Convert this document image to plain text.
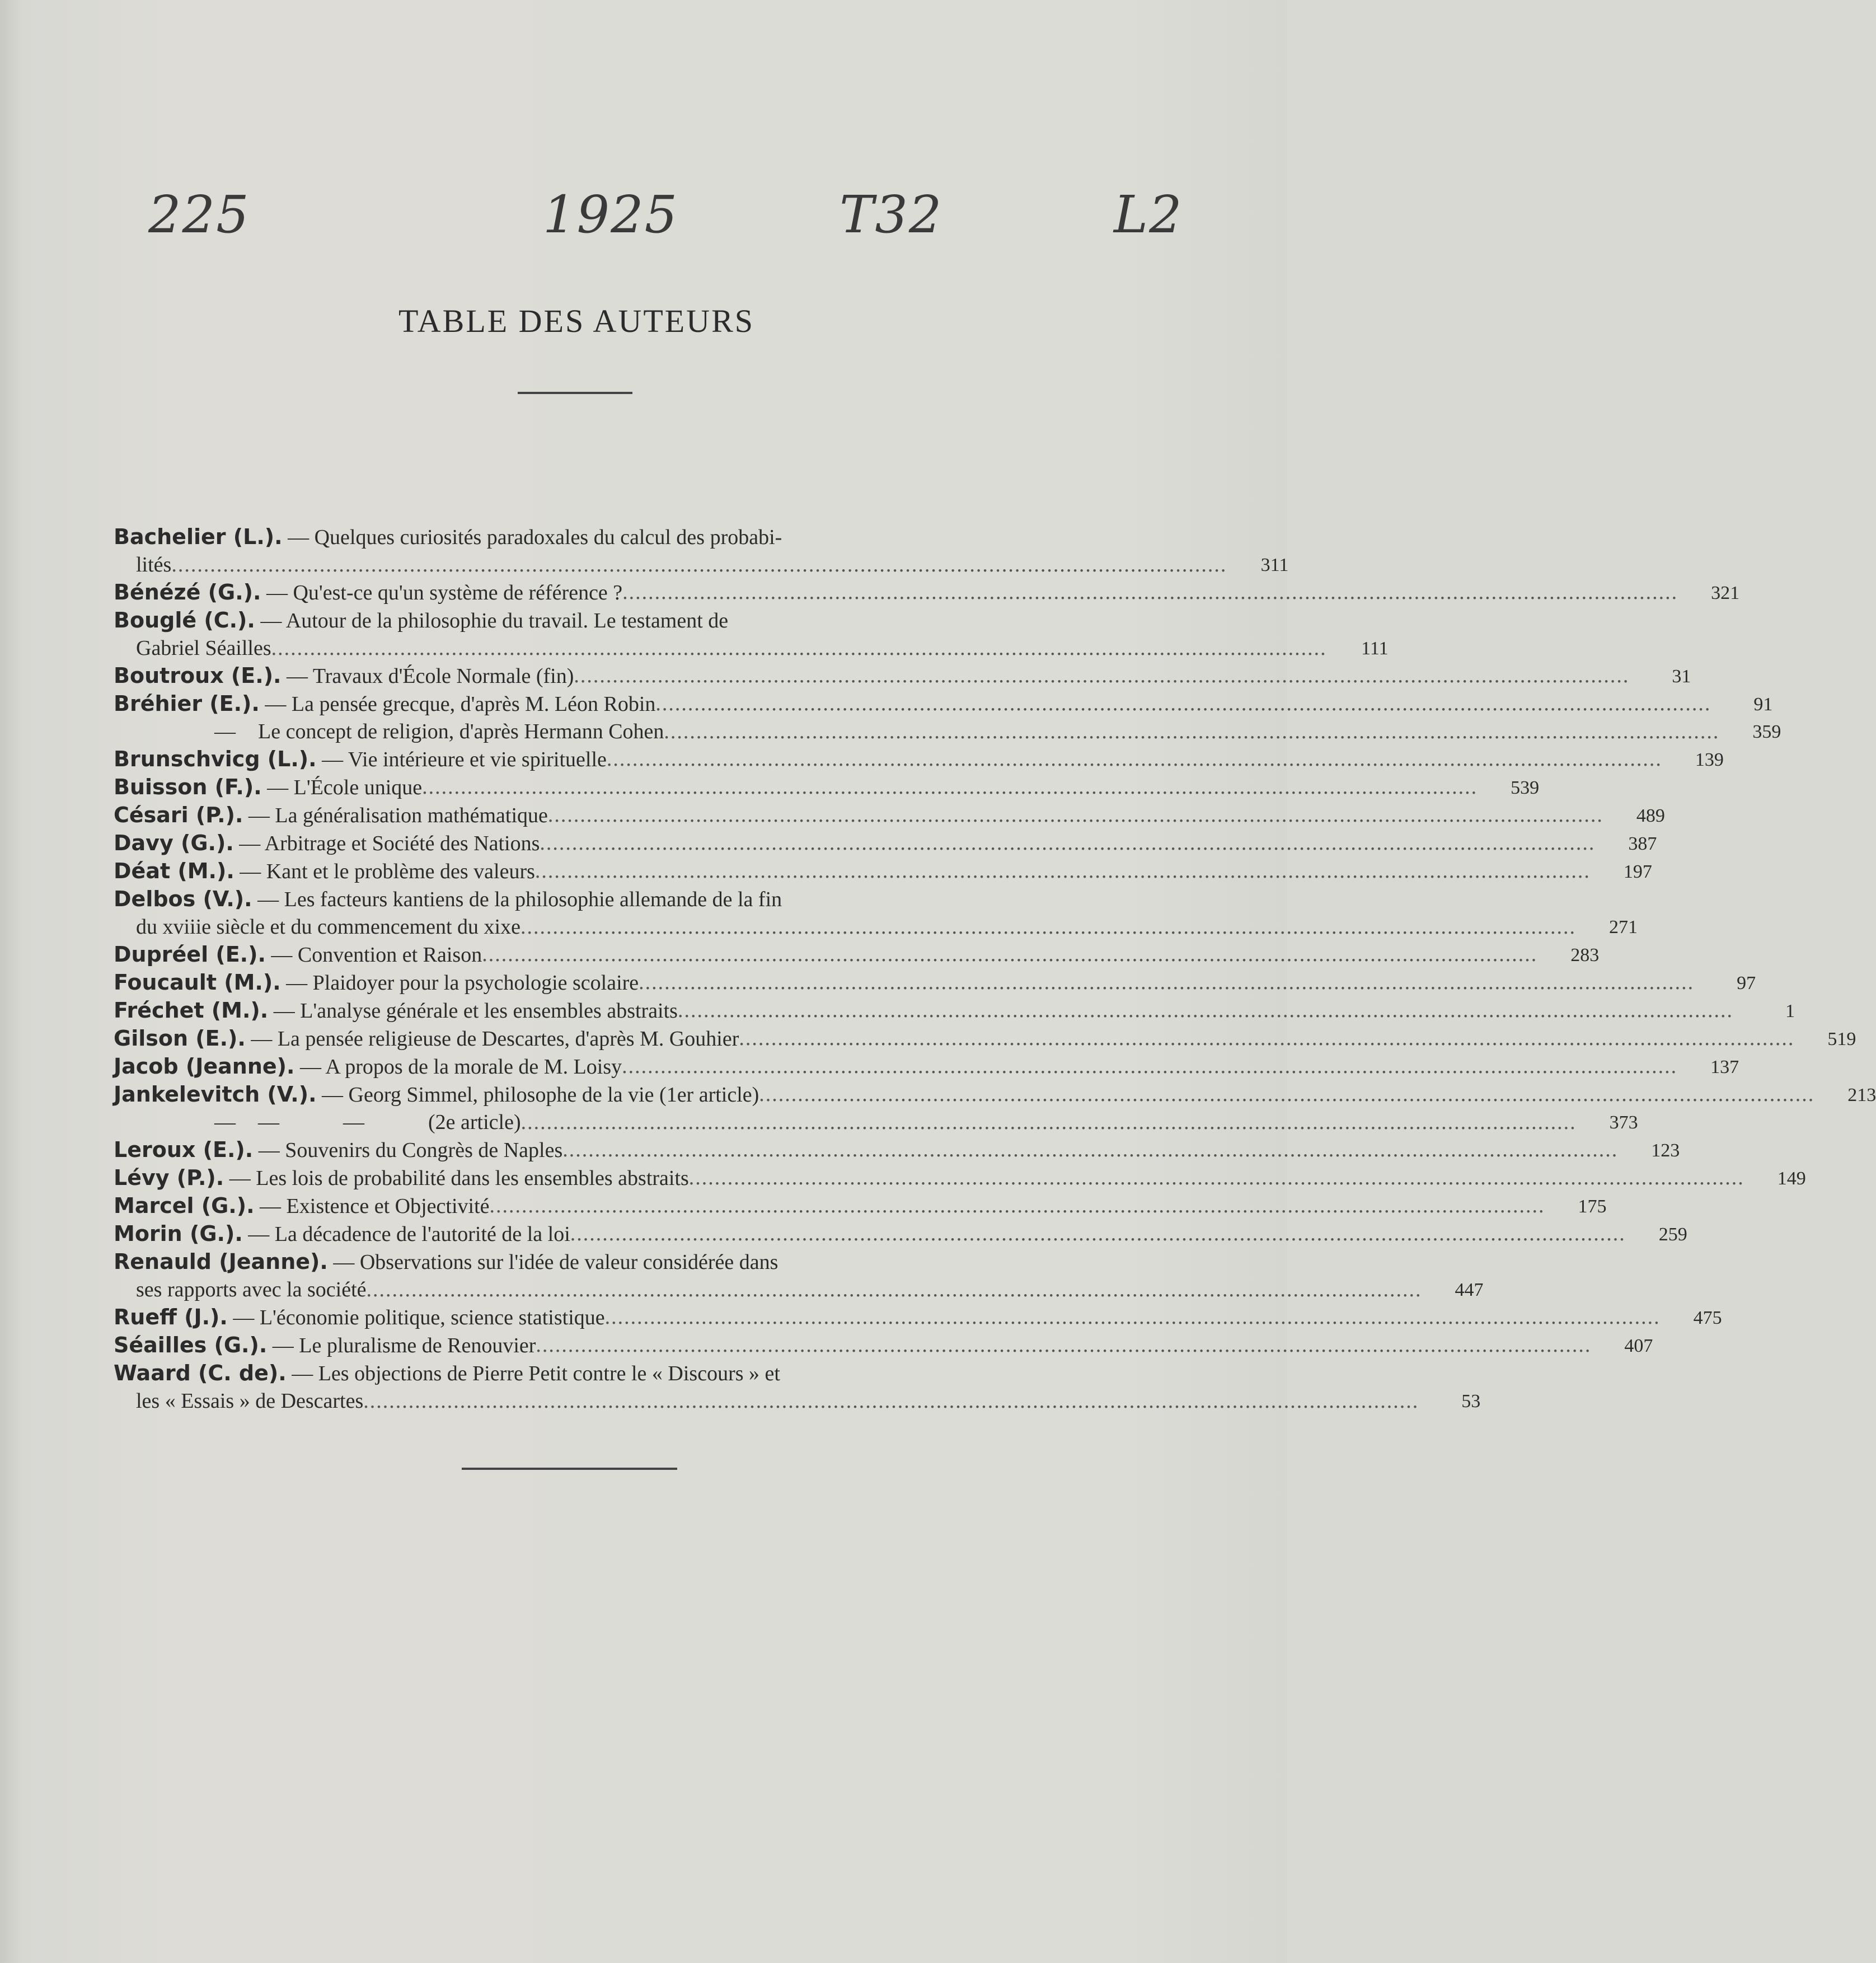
225	1925	T32	L2
TABLE DES AUTEURS
Bachelier (L.). — Quelques curiosités paradoxales du calcul des probabi-
lités .....	311
Bénézé (G.). — Qu'est-ce qu'un système de référence ? .....	321
Bouglé (C.). — Autour de la philosophie du travail. Le testament de
Gabriel Séailles .....	111
Boutroux (E.). — Travaux d'École Normale (fin) .....	31
Bréhier (E.). — La pensée grecque, d'après M. Léon Robin .....	91
— Le concept de religion, d'après Hermann Cohen .....	359
Brunschvicg (L.). — Vie intérieure et vie spirituelle .....	139
Buisson (F.). — L'École unique .....	539
Césari (P.). — La généralisation mathématique .....	489
Davy (G.). — Arbitrage et Société des Nations .....	387
Déat (M.). — Kant et le problème des valeurs .....	197
Delbos (V.). — Les facteurs kantiens de la philosophie allemande de la fin
du xviiie siècle et du commencement du xixe .....	271
Dupréel (E.). — Convention et Raison .....	283
Foucault (M.). — Plaidoyer pour la psychologie scolaire .....	97
Fréchet (M.). — L'analyse générale et les ensembles abstraits .....	1
Gilson (E.). — La pensée religieuse de Descartes, d'après M. Gouhier .....	519
Jacob (Jeanne). — A propos de la morale de M. Loisy .....	137
Jankelevitch (V.). — Georg Simmel, philosophe de la vie (1er article) .....	213
— —            —            (2e article) .....	373
Leroux (E.). — Souvenirs du Congrès de Naples .....	123
Lévy (P.). — Les lois de probabilité dans les ensembles abstraits .....	149
Marcel (G.). — Existence et Objectivité .....	175
Morin (G.). — La décadence de l'autorité de la loi .....	259
Renauld (Jeanne). — Observations sur l'idée de valeur considérée dans
ses rapports avec la société .....	447
Rueff (J.). — L'économie politique, science statistique .....	475
Séailles (G.). — Le pluralisme de Renouvier .....	407
Waard (C. de). — Les objections de Pierre Petit contre le « Discours » et
les « Essais » de Descartes .....	53
